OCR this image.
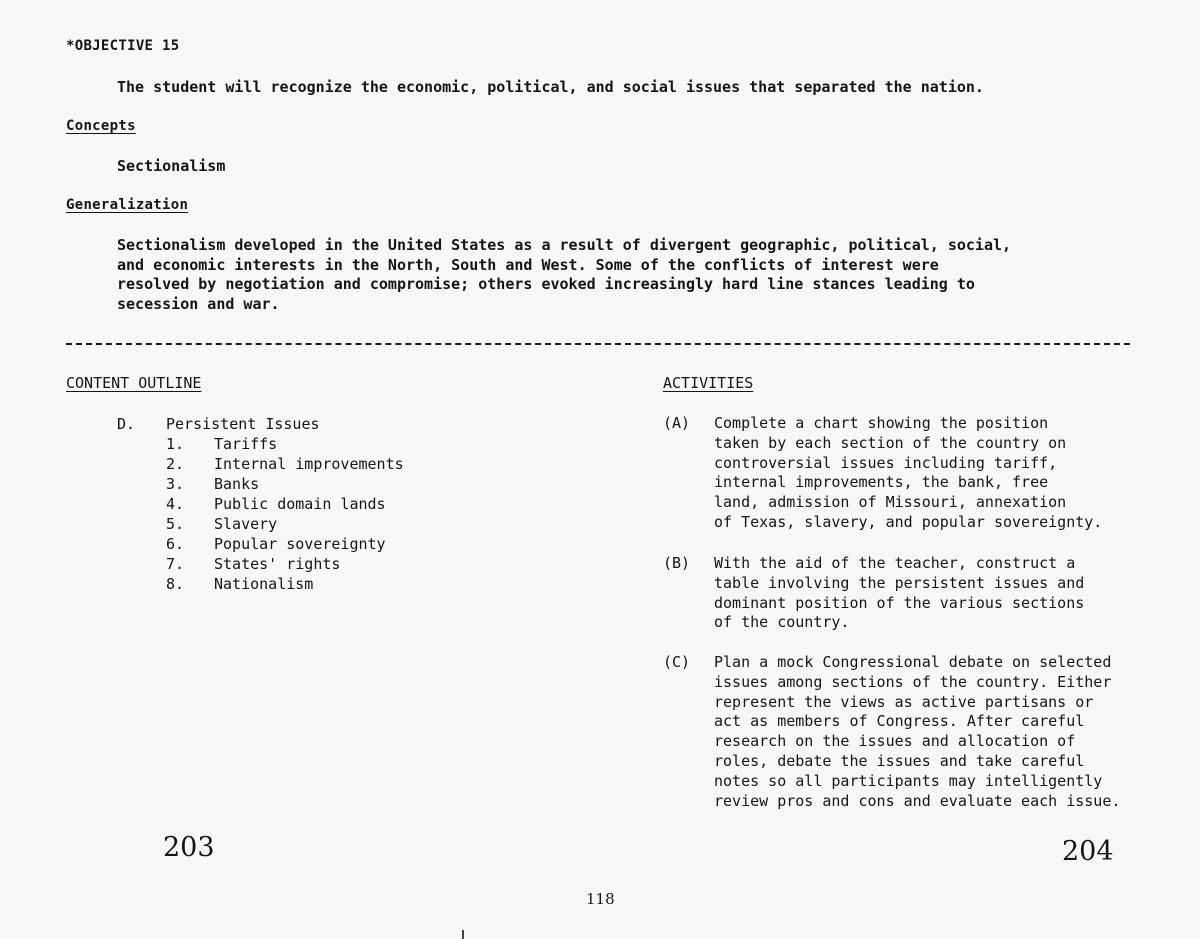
*OBJECTIVE 15
The student will recognize the economic, political, and social issues that separated the nation.
Concepts
Sectionalism
Generalization
Sectionalism developed in the United States as a result of divergent geographic, political, social,
and economic interests in the North, South and West. Some of the conflicts of interest were
resolved by negotiation and compromise; others evoked increasingly hard line stances leading to
secession and war.
CONTENT OUTLINE
D. Persistent Issues
1. Tariffs
2. Internal improvements
3. Banks
4. Public domain lands
5. Slavery
6. Popular sovereignty
7. States' rights
8. Nationalism
ACTIVITIES
(A) Complete a chart showing the position
taken by each section of the country on
controversial issues including tariff,
internal improvements, the bank, free
land, admission of Missouri, annexation
of Texas, slavery, and popular sovereignty.
(B) With the aid of the teacher, construct a
table involving the persistent issues and
dominant position of the various sections
of the country.
(C) Plan a mock Congressional debate on selected
issues among sections of the country. Either
represent the views as active partisans or
act as members of Congress. After careful
research on the issues and allocation of
roles, debate the issues and take careful
notes so all participants may intelligently
review pros and cons and evaluate each issue.
203	204
118
